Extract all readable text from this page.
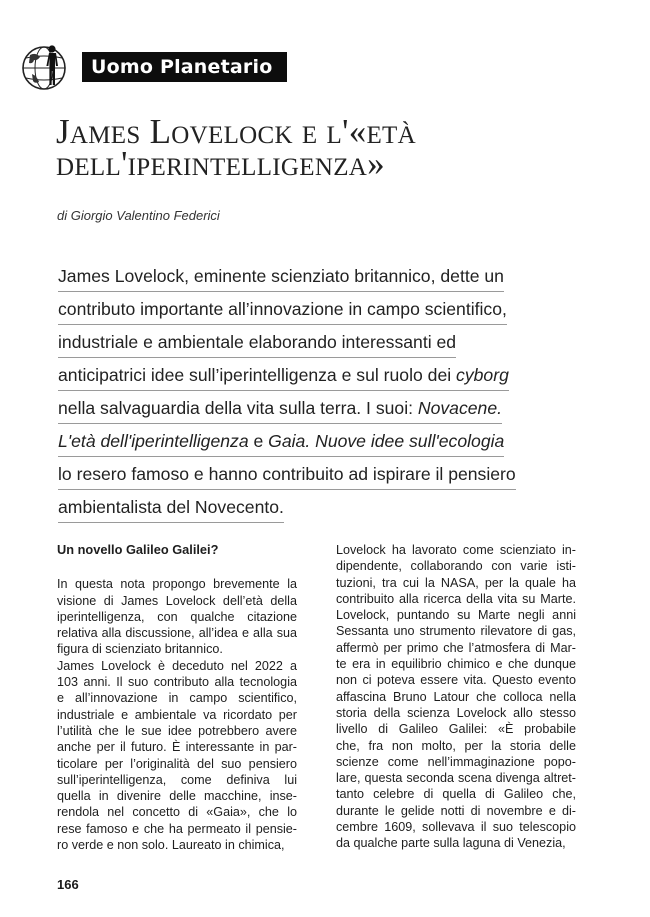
Uomo Planetario
James Lovelock e l'«età
dell'iperintelligenza»
di Giorgio Valentino Federici
James Lovelock, eminente scienziato britannico, dette un
contributo importante all’innovazione in campo scientifico,
industriale e ambientale elaborando interessanti ed
anticipatrici idee sull’iperintelligenza e sul ruolo dei cyborg
nella salvaguardia della vita sulla terra. I suoi: Novacene.
L'età dell'iperintelligenza e Gaia. Nuove idee sull'ecologia
lo resero famoso e hanno contribuito ad ispirare il pensiero
ambientalista del Novecento.
Un novello Galileo Galilei?
In questa nota propongo brevemente la
visione di James Lovelock dell’età della
iperintelligenza, con qualche citazione
relativa alla discussione, all’idea e alla sua
figura di scienziato britannico.
James Lovelock è deceduto nel 2022 a
103 anni. Il suo contributo alla tecnologia
e all’innovazione in campo scientifico,
industriale e ambientale va ricordato per
l’utilità che le sue idee potrebbero avere
anche per il futuro. È interessante in par-
ticolare per l’originalità del suo pensiero
sull’iperintelligenza, come definiva lui
quella in divenire delle macchine, inse-
rendola nel concetto di «Gaia», che lo
rese famoso e che ha permeato il pensie-
ro verde e non solo. Laureato in chimica,
Lovelock ha lavorato come scienziato in-
dipendente, collaborando con varie isti-
tuzioni, tra cui la NASA, per la quale ha
contribuito alla ricerca della vita su Marte.
Lovelock, puntando su Marte negli anni
Sessanta uno strumento rilevatore di gas,
affermò per primo che l’atmosfera di Mar-
te era in equilibrio chimico e che dunque
non ci poteva essere vita. Questo evento
affascina Bruno Latour che colloca nella
storia della scienza Lovelock allo stesso
livello di Galileo Galilei: «È probabile
che, fra non molto, per la storia delle
scienze come nell’immaginazione popo-
lare, questa seconda scena divenga altret-
tanto celebre di quella di Galileo che,
durante le gelide notti di novembre e di-
cembre 1609, sollevava il suo telescopio
da qualche parte sulla laguna di Venezia,
166
